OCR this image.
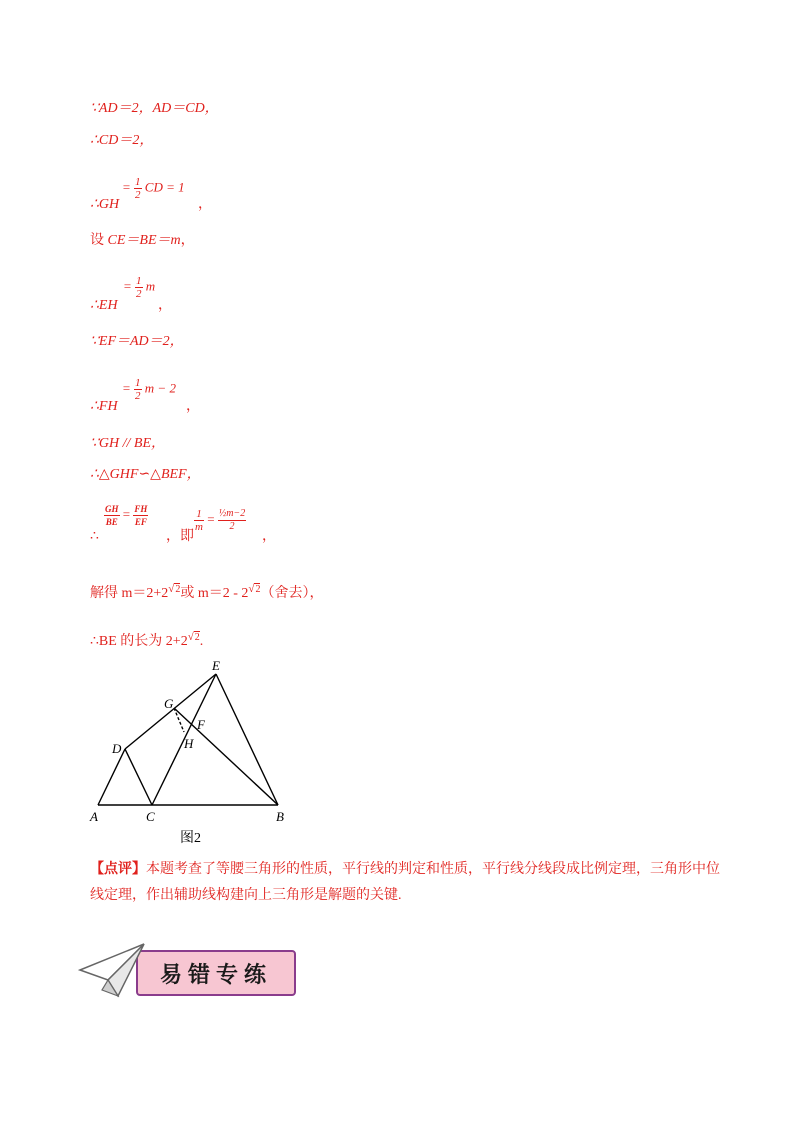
∵AD＝2，AD＝CD，
∴CD＝2，
∴GH
= $\frac{1}{2}$ CD = 1
，
设 CE＝BE＝m，
∴EH
= $\frac{1}{2}$ m
，
∵EF＝AD＝2，
∴FH
= $\frac{1}{2}$ m − 2
，
∵GH // BE，
∴△GHF∽△BEF，
∴
$\frac{GH}{BE} = \frac{FH}{EF}$
，即
$\frac{1}{m} = \frac{\text{½m−2}}{2}$
，
解得 m＝2+2√2或 m＝2 - 2√2（舍去），
∴BE 的长为 2+2√2.
A	C	B
D
E
G
F
H
图2
【点评】本题考查了等腰三角形的性质，平行线的判定和性质，平行线分线段成比例定理，三角形中位线定理，作出辅助线构建向上三角形是解题的关键.
易错专练
